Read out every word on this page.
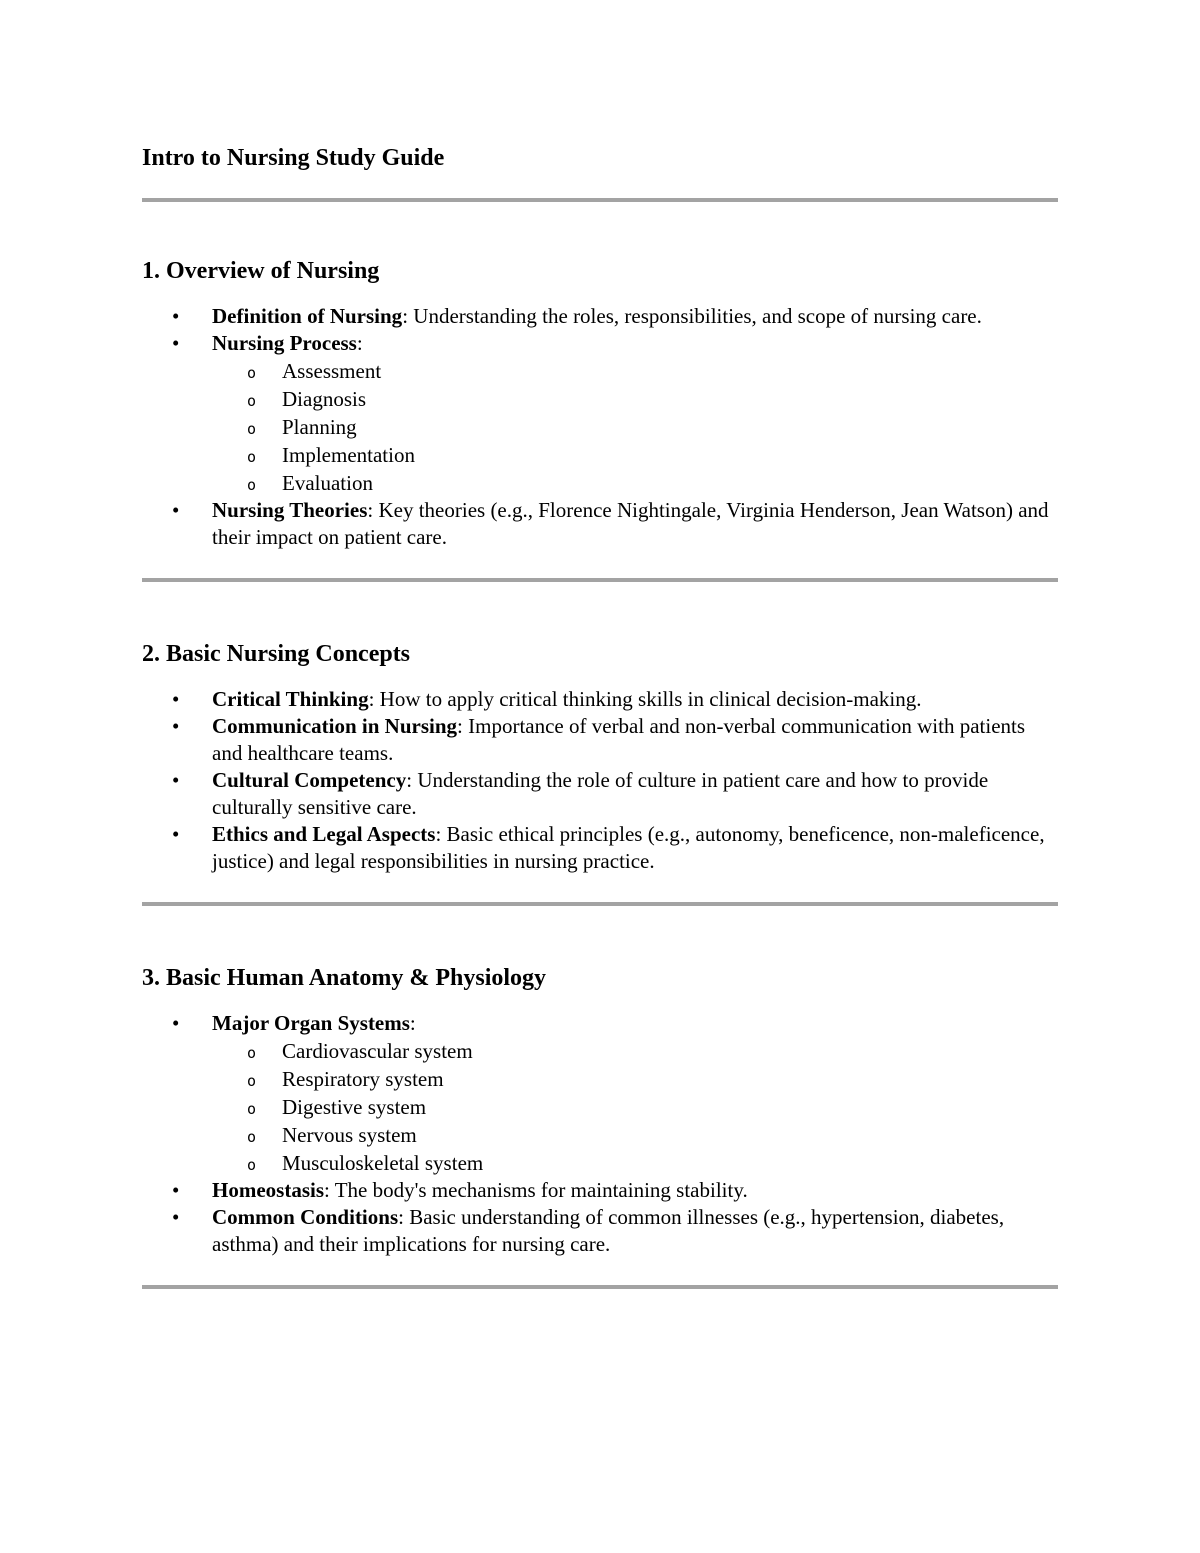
Intro to Nursing Study Guide
1. Overview of Nursing
• Definition of Nursing: Understanding the roles, responsibilities, and scope of nursing care.
• Nursing Process:
o Assessment
o Diagnosis
o Planning
o Implementation
o Evaluation
• Nursing Theories: Key theories (e.g., Florence Nightingale, Virginia Henderson, Jean Watson) and their impact on patient care.
2. Basic Nursing Concepts
• Critical Thinking: How to apply critical thinking skills in clinical decision-making.
• Communication in Nursing: Importance of verbal and non-verbal communication with patients and healthcare teams.
• Cultural Competency: Understanding the role of culture in patient care and how to provide culturally sensitive care.
• Ethics and Legal Aspects: Basic ethical principles (e.g., autonomy, beneficence, non-maleficence, justice) and legal responsibilities in nursing practice.
3. Basic Human Anatomy & Physiology
• Major Organ Systems:
o Cardiovascular system
o Respiratory system
o Digestive system
o Nervous system
o Musculoskeletal system
• Homeostasis: The body's mechanisms for maintaining stability.
• Common Conditions: Basic understanding of common illnesses (e.g., hypertension, diabetes, asthma) and their implications for nursing care.
